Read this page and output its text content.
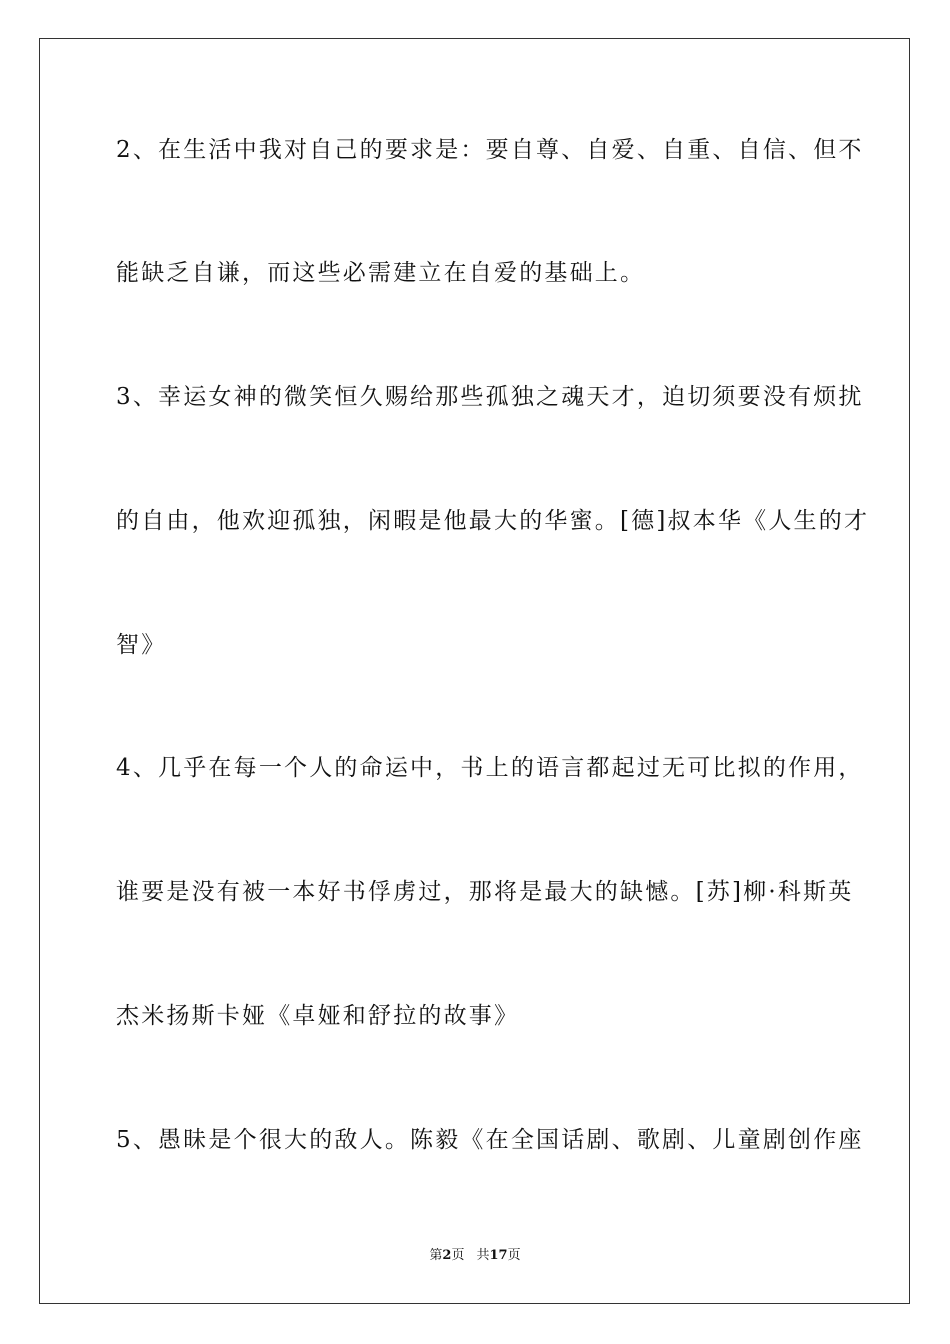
2、在生活中我对自己的要求是：要自尊、自爱、自重、自信、但不
能缺乏自谦，而这些必需建立在自爱的基础上。
3、幸运女神的微笑恒久赐给那些孤独之魂天才，迫切须要没有烦扰
的自由，他欢迎孤独，闲暇是他最大的华蜜。[德]叔本华《人生的才
智》
4、几乎在每一个人的命运中，书上的语言都起过无可比拟的作用，
谁要是没有被一本好书俘虏过，那将是最大的缺憾。[苏]柳·科斯英
杰米扬斯卡娅《卓娅和舒拉的故事》
5、愚昧是个很大的敌人。陈毅《在全国话剧、歌剧、儿童剧创作座
第2页 共17页
